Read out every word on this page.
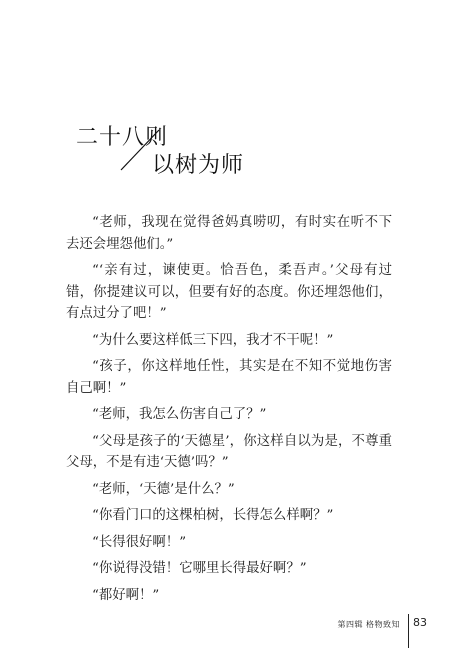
二十八则
以树为师

“老师，我现在觉得爸妈真唠叨，有时实在听不下去还会埋怨他们。”

“‘亲有过，谏使更。恰吾色，柔吾声。’父母有过错，你提建议可以，但要有好的态度。你还埋怨他们，有点过分了吧！”

“为什么要这样低三下四，我才不干呢！”

“孩子，你这样地任性，其实是在不知不觉地伤害自己啊！”

“老师，我怎么伤害自己了？”

“父母是孩子的‘天德星’，你这样自以为是，不尊重父母，不是有违‘天德’吗？”

“老师，‘天德’是什么？”

“你看门口的这棵柏树，长得怎么样啊？”

“长得很好啊！”

“你说得没错！它哪里长得最好啊？”

“都好啊！”

第四辑 格物致知 83
